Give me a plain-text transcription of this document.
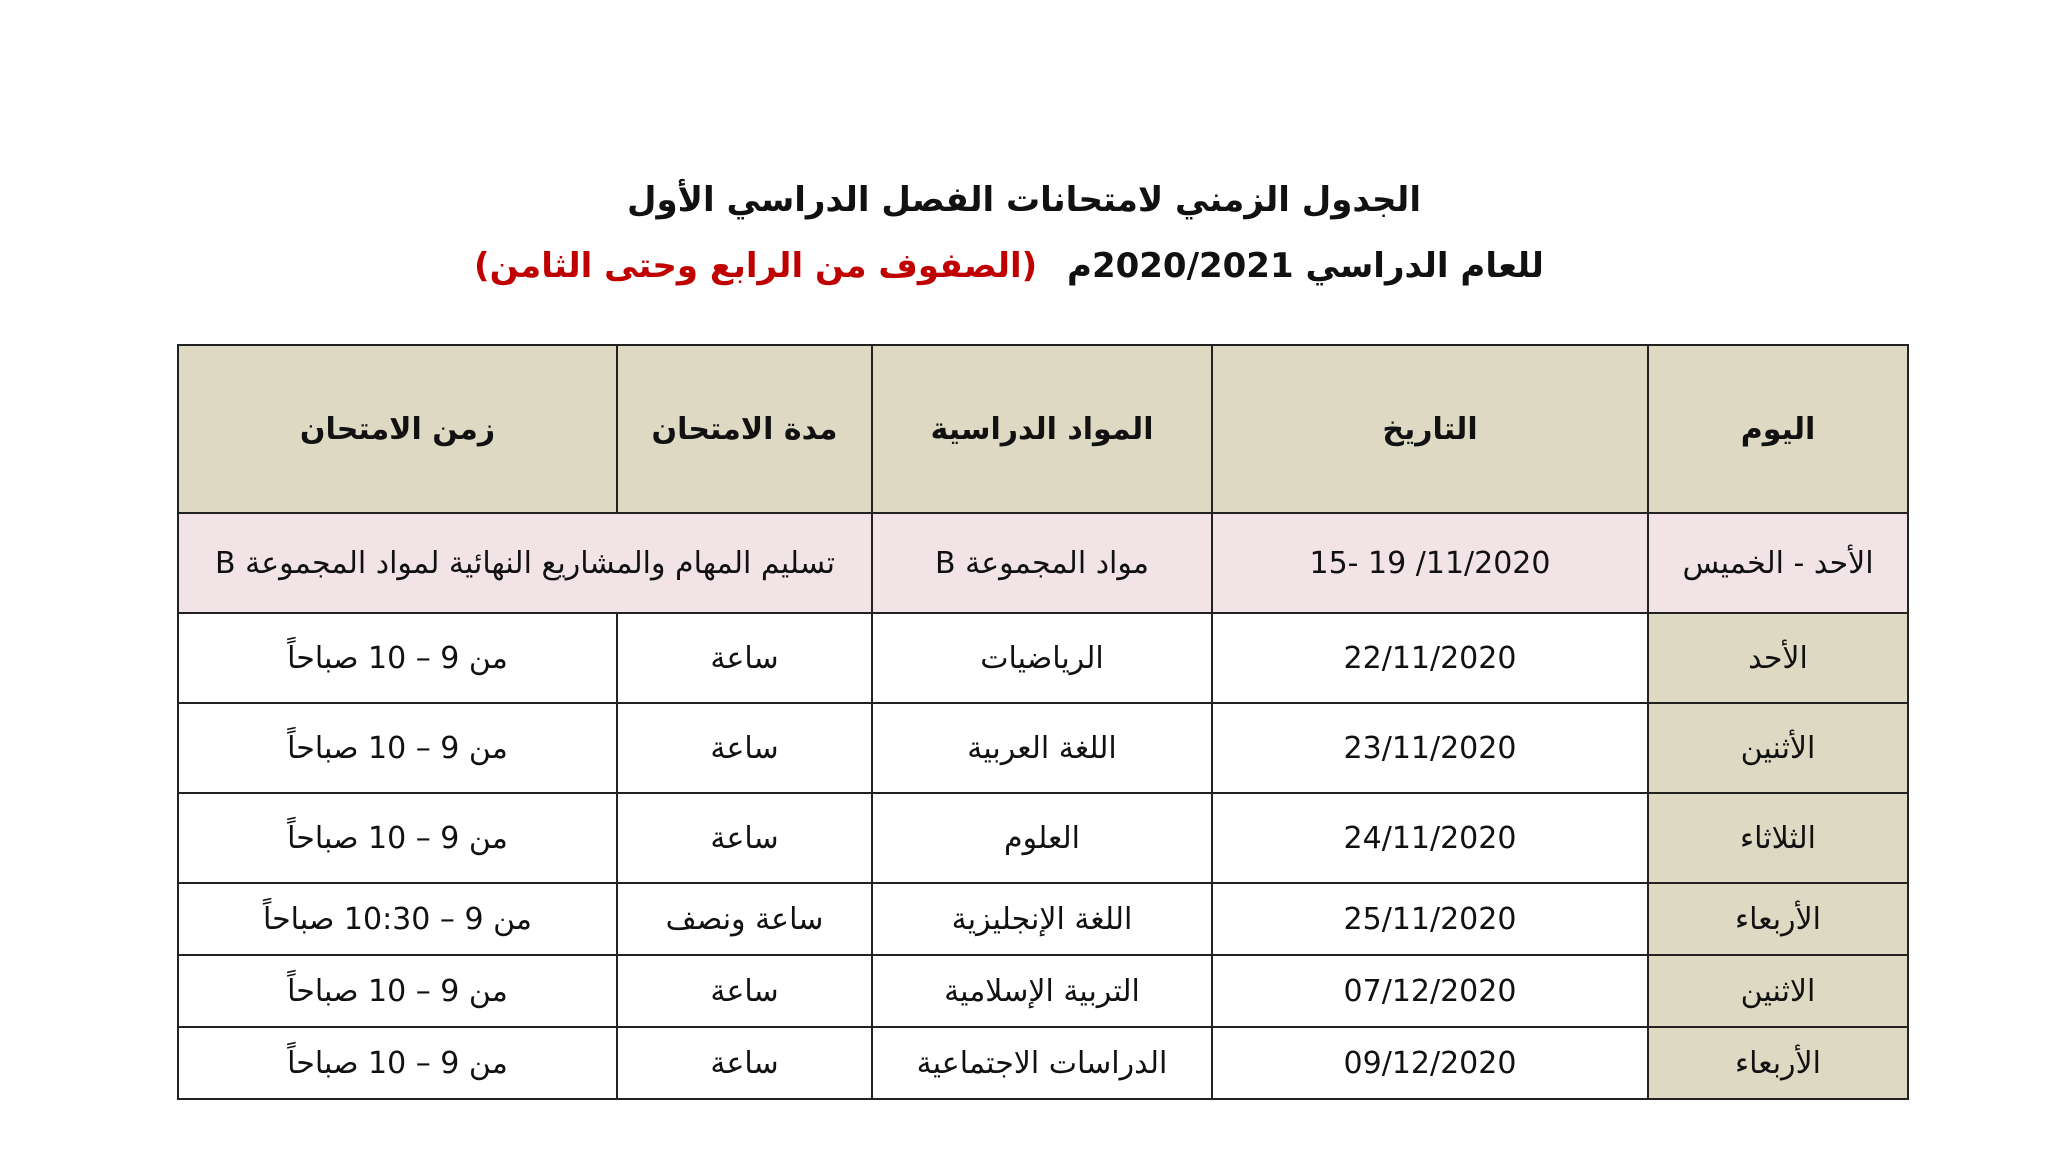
الجدول الزمني لامتحانات الفصل الدراسي الأول
للعام الدراسي 2020/2021م (الصفوف من الرابع وحتى الثامن)
اليوم	التاريخ	المواد الدراسية	مدة الامتحان	زمن الامتحان
الأحد - الخميس	15- 19 /11/2020	مواد المجموعة B	تسليم المهام والمشاريع النهائية لمواد المجموعة B	
الأحد	22/11/2020	الرياضيات	ساعة	من 9 – 10 صباحاً
الأثنين	23/11/2020	اللغة العربية	ساعة	من 9 – 10 صباحاً
الثلاثاء	24/11/2020	العلوم	ساعة	من 9 – 10 صباحاً
الأربعاء	25/11/2020	اللغة الإنجليزية	ساعة ونصف	من 9 – 10:30 صباحاً
الاثنين	07/12/2020	التربية الإسلامية	ساعة	من 9 – 10 صباحاً
الأربعاء	09/12/2020	الدراسات الاجتماعية	ساعة	من 9 – 10 صباحاً
